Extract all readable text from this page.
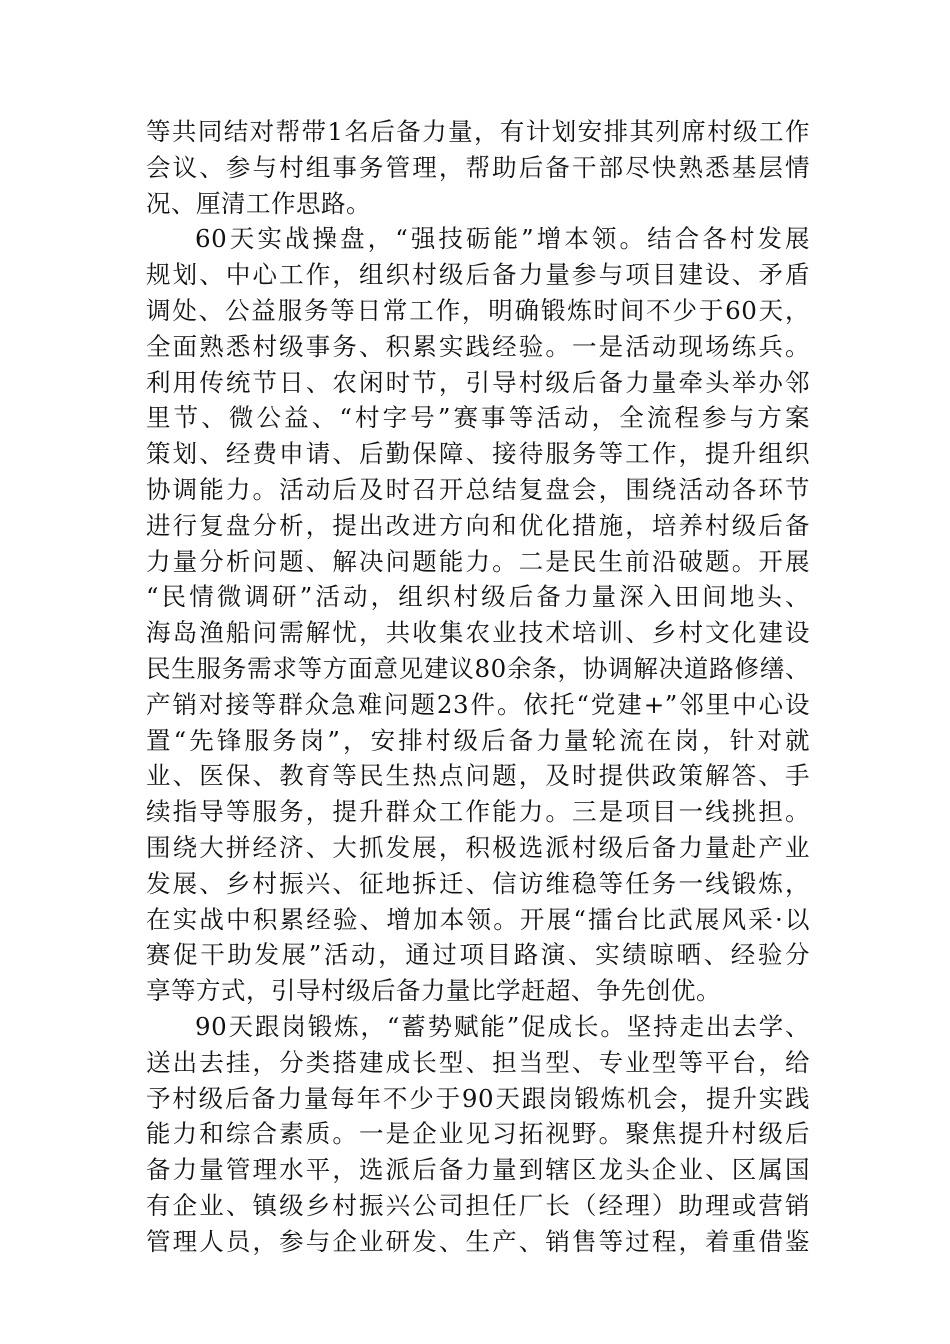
等共同结对帮带1名后备力量，有计划安排其列席村级工作
会议、参与村组事务管理，帮助后备干部尽快熟悉基层情
况、厘清工作思路。
60天实战操盘，“强技砺能”增本领。结合各村发展
规划、中心工作，组织村级后备力量参与项目建设、矛盾
调处、公益服务等日常工作，明确锻炼时间不少于60天，
全面熟悉村级事务、积累实践经验。一是活动现场练兵。
利用传统节日、农闲时节，引导村级后备力量牵头举办邻
里节、微公益、“村字号”赛事等活动，全流程参与方案
策划、经费申请、后勤保障、接待服务等工作，提升组织
协调能力。活动后及时召开总结复盘会，围绕活动各环节
进行复盘分析，提出改进方向和优化措施，培养村级后备
力量分析问题、解决问题能力。二是民生前沿破题。开展
“民情微调研”活动，组织村级后备力量深入田间地头、
海岛渔船问需解忧，共收集农业技术培训、乡村文化建设
民生服务需求等方面意见建议80余条，协调解决道路修缮、
产销对接等群众急难问题23件。依托“党建+”邻里中心设
置“先锋服务岗”，安排村级后备力量轮流在岗，针对就
业、医保、教育等民生热点问题，及时提供政策解答、手
续指导等服务，提升群众工作能力。三是项目一线挑担。
围绕大拼经济、大抓发展，积极选派村级后备力量赴产业
发展、乡村振兴、征地拆迁、信访维稳等任务一线锻炼，
在实战中积累经验、增加本领。开展“擂台比武展风采·以
赛促干助发展”活动，通过项目路演、实绩晾晒、经验分
享等方式，引导村级后备力量比学赶超、争先创优。
90天跟岗锻炼，“蓄势赋能”促成长。坚持走出去学、
送出去挂，分类搭建成长型、担当型、专业型等平台，给
予村级后备力量每年不少于90天跟岗锻炼机会，提升实践
能力和综合素质。一是企业见习拓视野。聚焦提升村级后
备力量管理水平，选派后备力量到辖区龙头企业、区属国
有企业、镇级乡村振兴公司担任厂长（经理）助理或营销
管理人员，参与企业研发、生产、销售等过程，着重借鉴
